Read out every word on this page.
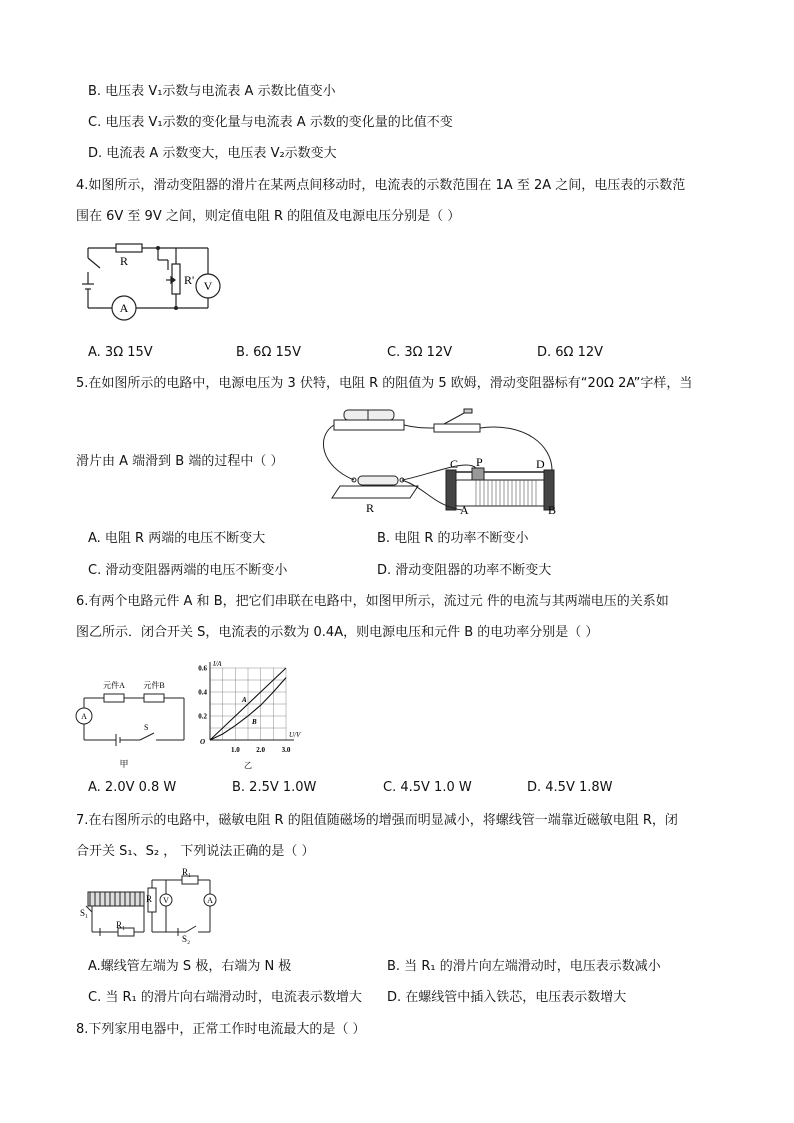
B. 电压表 V₁示数与电流表 A 示数比值变小
C. 电压表 V₁示数的变化量与电流表 A 示数的变化量的比值不变
D. 电流表 A 示数变大，电压表 V₂示数变大
4.如图所示，滑动变阻器的滑片在某两点间移动时，电流表的示数范围在 1A 至 2A 之间，电压表的示数范
围在 6V 至 9V 之间，则定值电阻 R 的阻值及电源电压分别是（ ）
R
R' V
A
A. 3Ω 15V	B. 6Ω 15V	C. 3Ω 12V	D. 6Ω 12V
5.在如图所示的电路中，电源电压为 3 伏特，电阻 R 的阻值为 5 欧姆，滑动变阻器标有“20Ω 2A”字样，当
滑片由 A 端滑到 B 端的过程中（ ）
R
C P	D
A	B
A. 电阻 R 两端的电压不断变大	B. 电阻 R 的功率不断变小
C. 滑动变阻器两端的电压不断变小	D. 滑动变阻器的功率不断变大
6.有两个电路元件 A 和 B，把它们串联在电路中，如图甲所示，流过元 件的电流与其两端电压的关系如
图乙所示．闭合开关 S，电流表的示数为 0.4A，则电源电压和元件 B 的电功率分别是（ ）
元件A 元件B
A
S
甲
1.0 2.0 3.0
0.2
0.4
0.6
U/V
I/A
O
乙
A
B
A. 2.0V 0.8 W	B. 2.5V 1.0W	C. 4.5V 1.0 W	D. 4.5V 1.8W
7.在右图所示的电路中，磁敏电阻 R 的阻值随磁场的增强而明显减小，将螺线管一端靠近磁敏电阻 R，闭
合开关 S₁、S₂ ， 下列说法正确的是（ ）
S₁
R₁
R V
R₁
A
S₂
A.螺线管左端为 S 极，右端为 N 极	B. 当 R₁ 的滑片向左端滑动时，电压表示数减小
C. 当 R₁ 的滑片向右端滑动时，电流表示数增大 D. 在螺线管中插入铁芯，电压表示数增大
8.下列家用电器中，正常工作时电流最大的是（ ）
